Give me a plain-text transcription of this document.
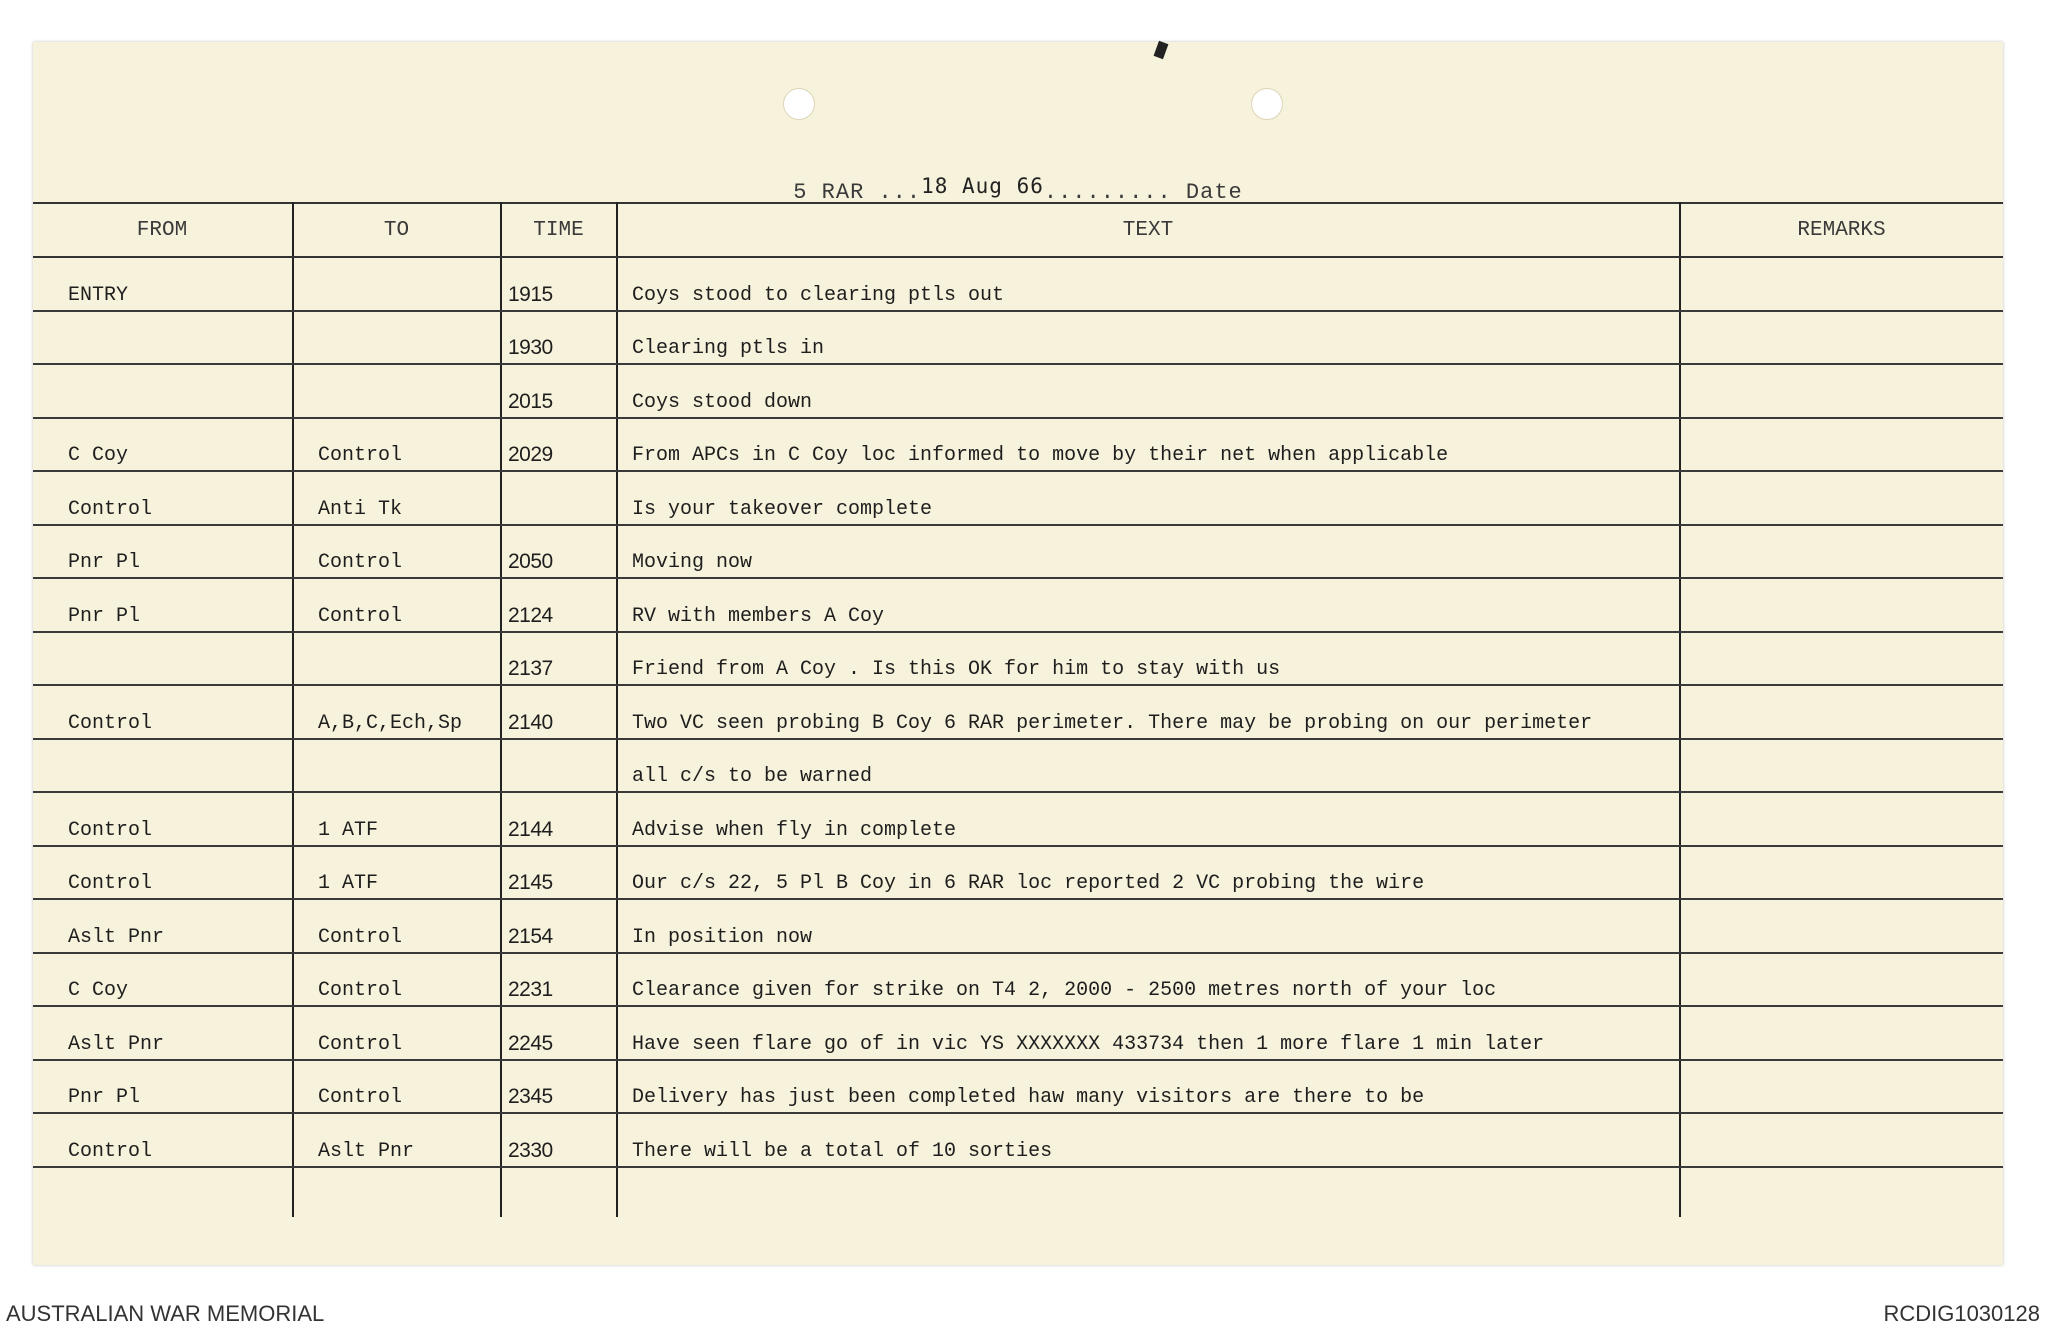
5 RAR ...18 Aug 66......... Date
FROM	TO	TIME	TEXT	REMARKS
ENTRY		1915	Coys stood to clearing ptls out	
		1930	Clearing ptls in	
		2015	Coys stood down	
C Coy	Control	2029	From APCs in C Coy loc informed to move by their net when applicable	
Control	Anti Tk		Is your takeover complete	
Pnr Pl	Control	2050	Moving now	
Pnr Pl	Control	2124	RV with members A Coy	
		2137	Friend from A Coy . Is this OK for him to stay with us	
Control	A,B,C,Ech,Sp	2140	Two VC seen probing B Coy 6 RAR perimeter. There may be probing on our perimeter	
			all c/s to be warned	
Control	1 ATF	2144	Advise when fly in complete	
Control	1 ATF	2145	Our c/s 22, 5 Pl B Coy in 6 RAR loc reported 2 VC probing the wire	
Aslt Pnr	Control	2154	In position now	
C Coy	Control	2231	Clearance given for strike on T4 2, 2000 - 2500 metres north of your loc	
Aslt Pnr	Control	2245	Have seen flare go of in vic YS XXXXXXX 433734 then 1 more flare 1 min later	
Pnr Pl	Control	2345	Delivery has just been completed haw many visitors are there to be	
Control	Aslt Pnr	2330	There will be a total of 10 sorties	

AUSTRALIAN WAR MEMORIAL	RCDIG1030128
